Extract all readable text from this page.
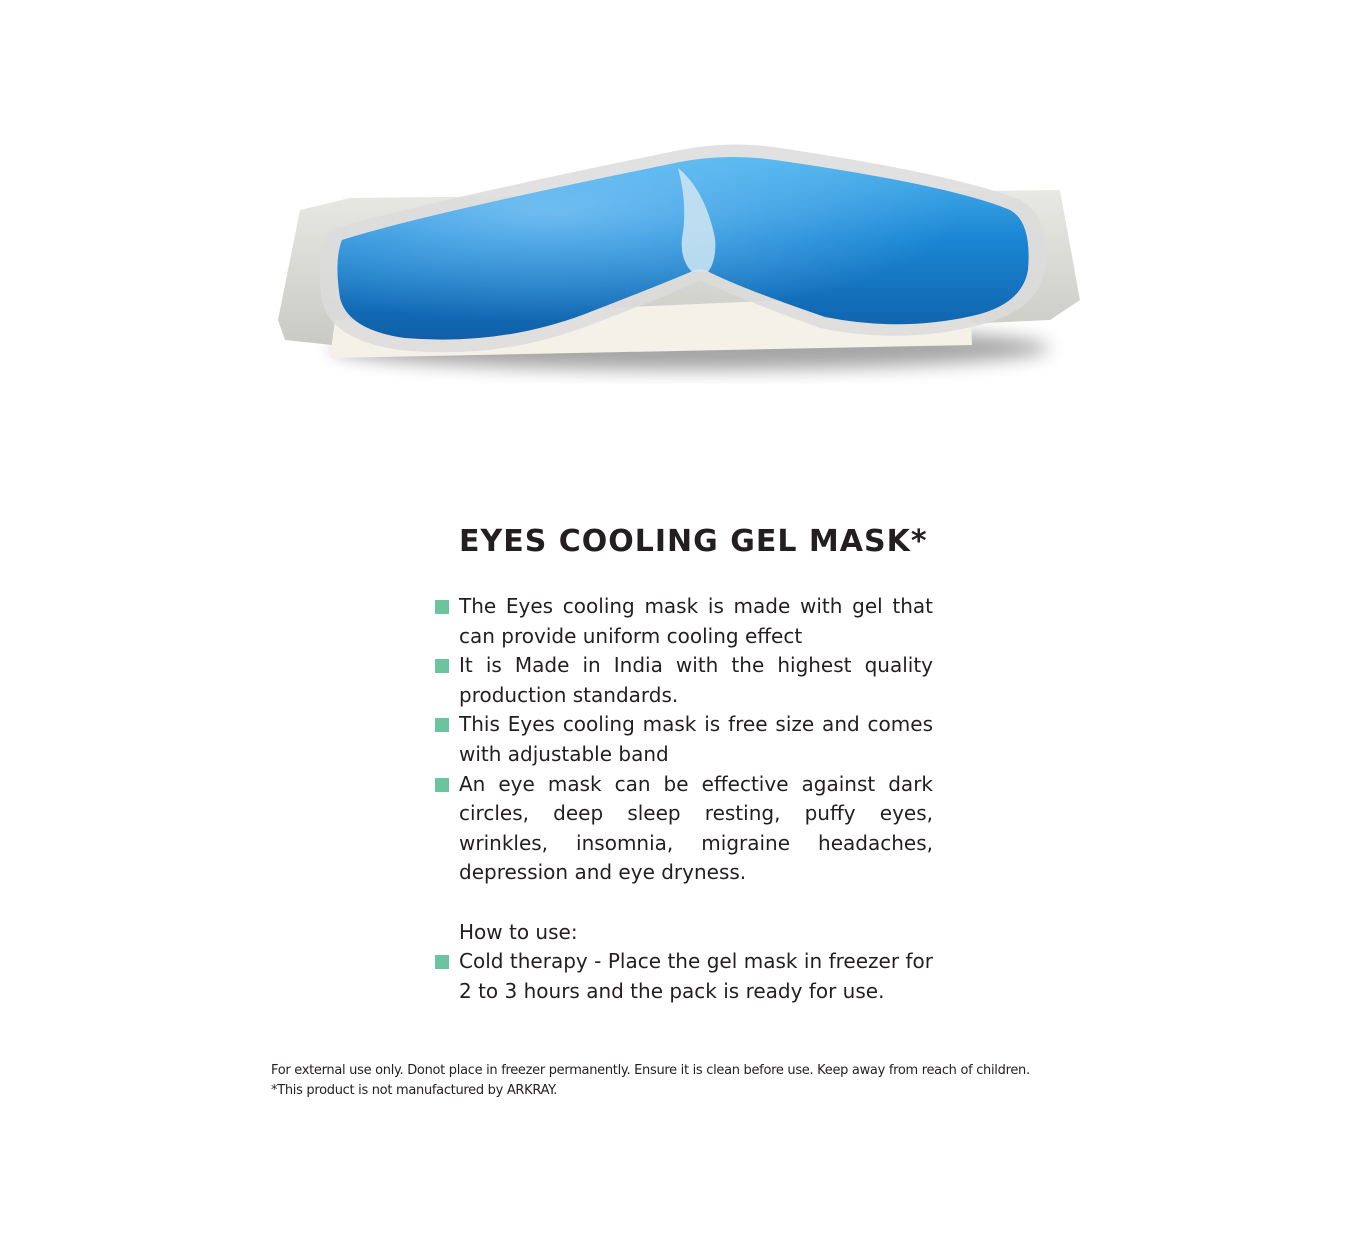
EYES COOLING GEL MASK*
The Eyes cooling mask is made with gel that can provide uniform cooling effect
It is Made in India with the highest quality production standards.
This Eyes cooling mask is free size and comes with adjustable band
An eye mask can be effective against dark circles, deep sleep resting, puffy eyes, wrinkles, insomnia, migraine headaches, depression and eye dryness.
How to use:
Cold therapy - Place the gel mask in freezer for 2 to 3 hours and the pack is ready for use.

For external use only. Donot place in freezer permanently. Ensure it is clean before use. Keep away from reach of children.

*This product is not manufactured by ARKRAY.
